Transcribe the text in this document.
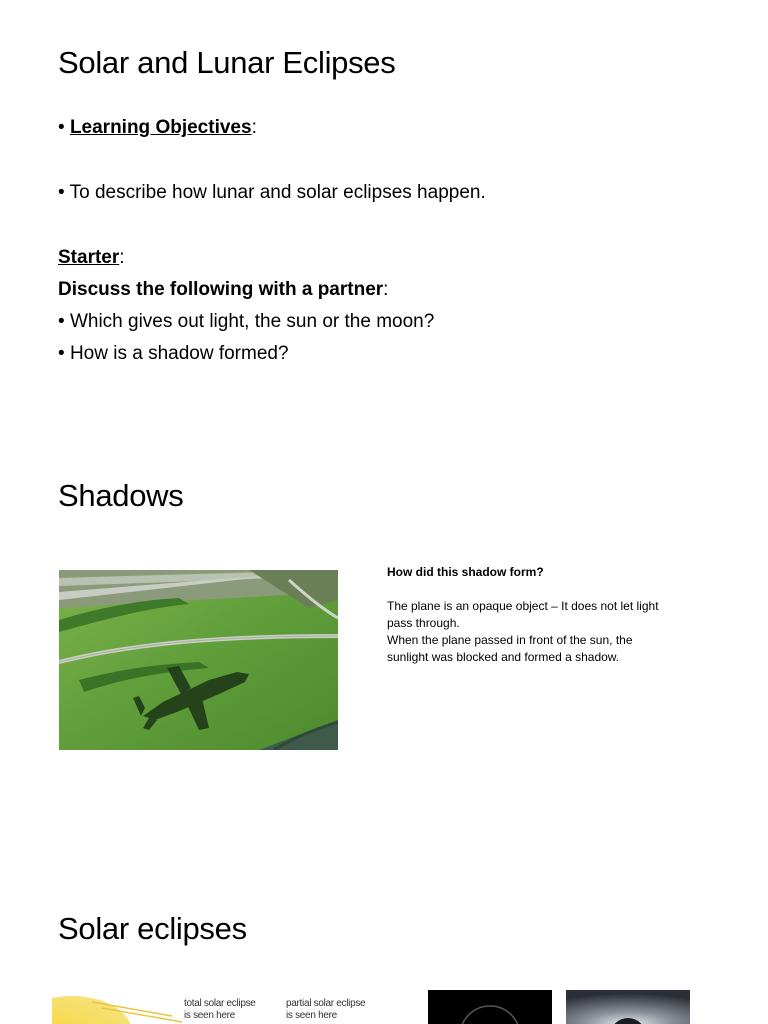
Solar and Lunar Eclipses
• Learning Objectives:
• To describe how lunar and solar eclipses happen.
Starter:
Discuss the following with a partner:
• Which gives out light, the sun or the moon?
• How is a shadow formed?
Shadows
How did this shadow form?
The plane is an opaque object – It does not let light
pass through.
When the plane passed in front of the sun, the
sunlight was blocked and formed a shadow.
Solar eclipses
total solar eclipse
is seen here
partial solar eclipse
is seen here
